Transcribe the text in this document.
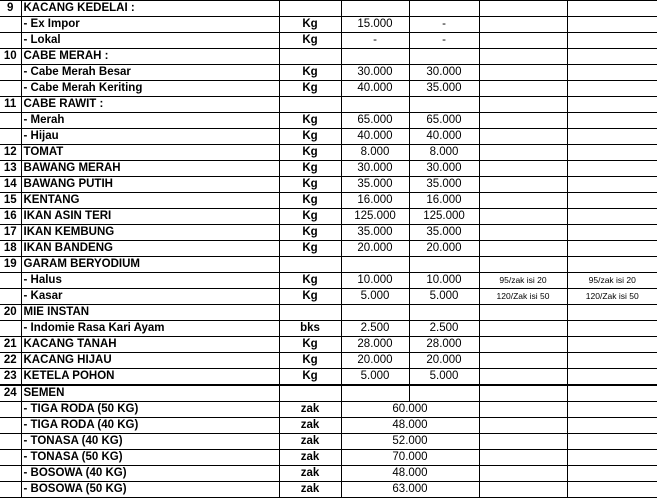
9	KACANG KEDELAI :					
	- Ex Impor	Kg	15.000	-		
	- Lokal	Kg	-	-		
10	CABE MERAH :					
	- Cabe Merah Besar	Kg	30.000	30.000		
	- Cabe Merah Keriting	Kg	40.000	35.000		
11	CABE RAWIT :					
	- Merah	Kg	65.000	65.000		
	- Hijau	Kg	40.000	40.000		
12	TOMAT	Kg	8.000	8.000		
13	BAWANG MERAH	Kg	30.000	30.000		
14	BAWANG PUTIH	Kg	35.000	35.000		
15	KENTANG	Kg	16.000	16.000		
16	IKAN ASIN TERI	Kg	125.000	125.000		
17	IKAN KEMBUNG	Kg	35.000	35.000		
18	IKAN BANDENG	Kg	20.000	20.000		
19	GARAM BERYODIUM					
	- Halus	Kg	10.000	10.000	95/zak isi 20	95/zak isi 20
	- Kasar	Kg	5.000	5.000	120/Zak isi 50	120/Zak isi 50
20	MIE INSTAN					
	- Indomie Rasa Kari Ayam	bks	2.500	2.500		
21	KACANG TANAH	Kg	28.000	28.000		
22	KACANG HIJAU	Kg	20.000	20.000		
23	KETELA POHON	Kg	5.000	5.000		
24	SEMEN					
	- TIGA RODA (50 KG)	zak	60.000			
	- TIGA RODA (40 KG)	zak	48.000			
	- TONASA (40 KG)	zak	52.000			
	- TONASA (50 KG)	zak	70.000			
	- BOSOWA (40 KG)	zak	48.000			
	- BOSOWA (50 KG)	zak	63.000			
